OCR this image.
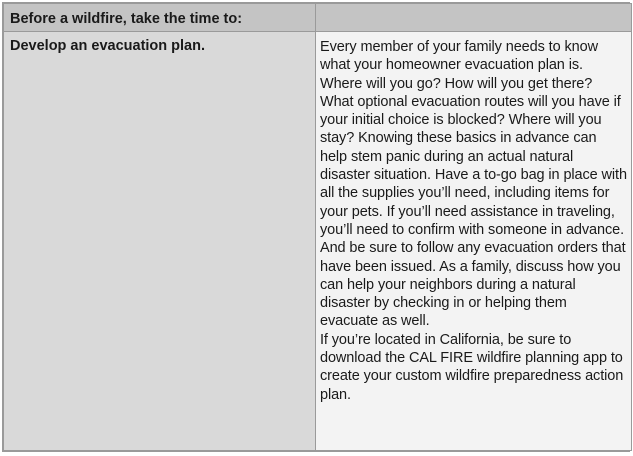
Before a wildfire, take the time to:	
Develop an evacuation plan.	Every member of your family needs to know what your homeowner evacuation plan is. Where will you go? How will you get there? What optional evacuation routes will you have if your initial choice is blocked? Where will you stay? Knowing these basics in advance can help stem panic during an actual natural disaster situation. Have a to-go bag in place with all the supplies you’ll need, including items for your pets. If you’ll need assistance in traveling, you’ll need to confirm with someone in advance. And be sure to follow any evacuation orders that have been issued. As a family, discuss how you can help your neighbors during a natural disaster by checking in or helping them evacuate as well.

If you’re located in California, be sure to download the CAL FIRE wildfire planning app to create your custom wildfire preparedness action plan.
